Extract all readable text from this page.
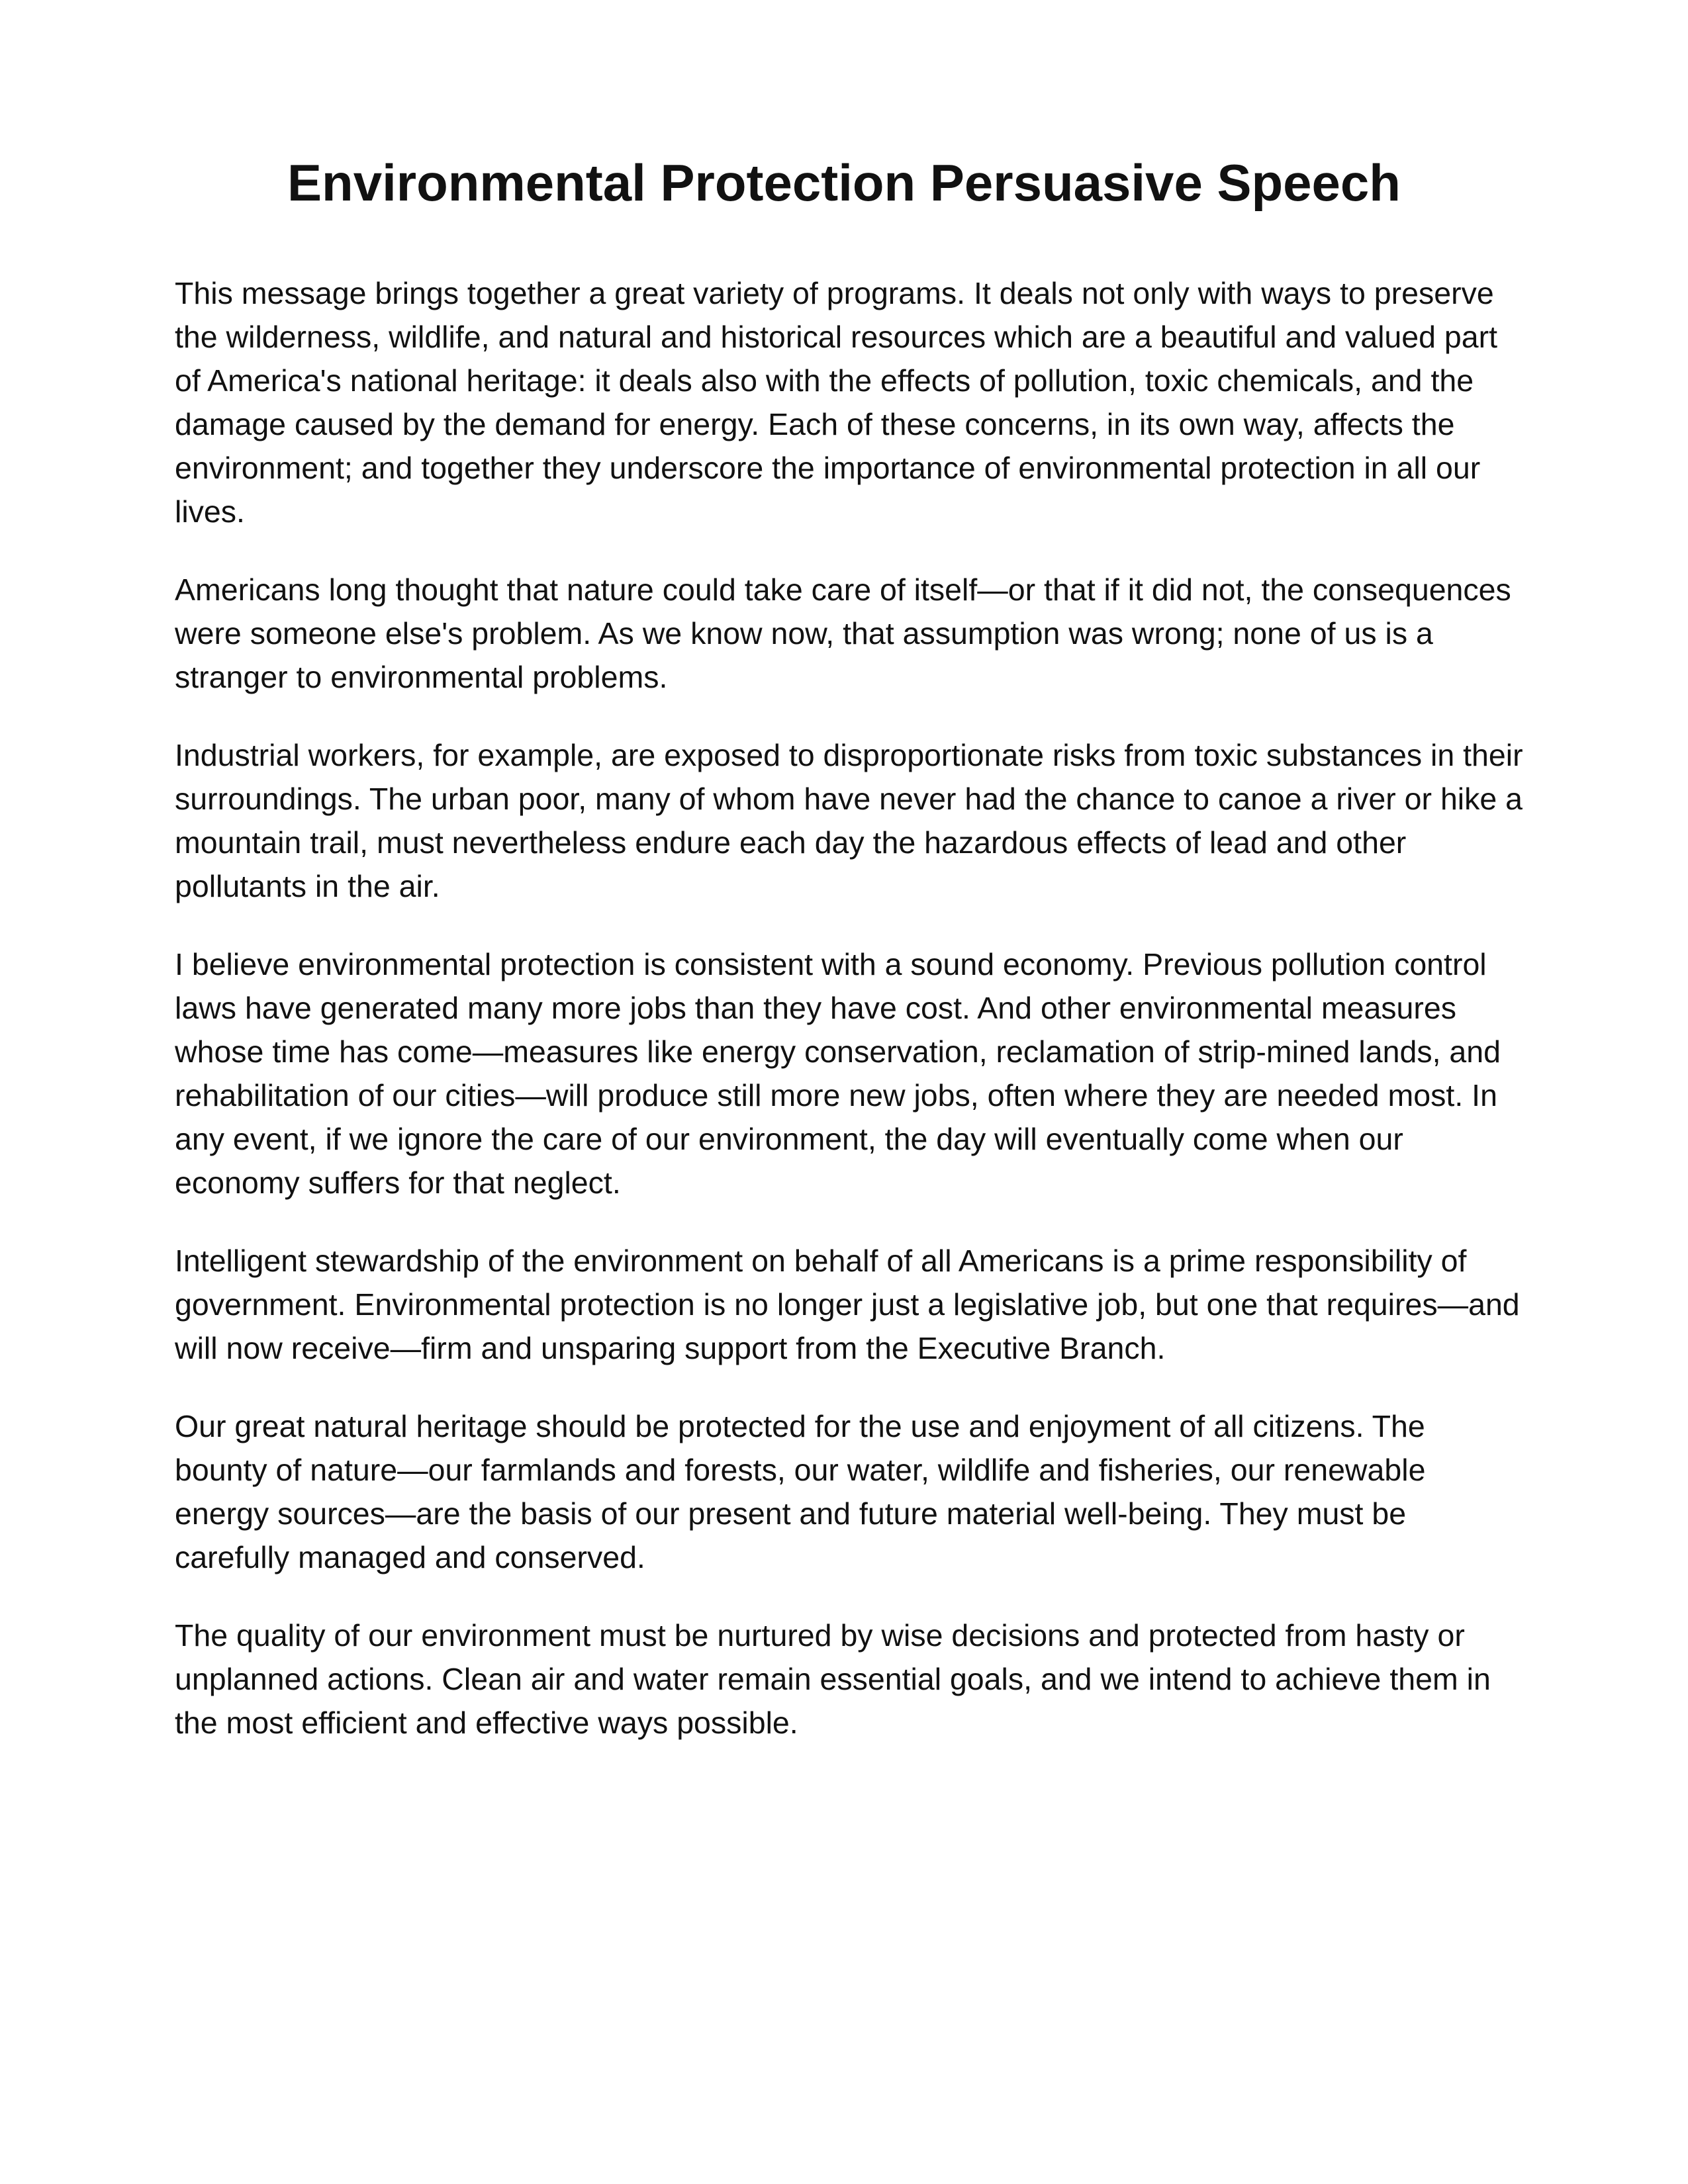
Environmental Protection Persuasive Speech

This message brings together a great variety of programs. It deals not only with ways to preserve the wilderness, wildlife, and natural and historical resources which are a beautiful and valued part of America's national heritage: it deals also with the effects of pollution, toxic chemicals, and the damage caused by the demand for energy. Each of these concerns, in its own way, affects the environment; and together they underscore the importance of environmental protection in all our lives.

Americans long thought that nature could take care of itself—or that if it did not, the consequences were someone else's problem. As we know now, that assumption was wrong; none of us is a stranger to environmental problems.

Industrial workers, for example, are exposed to disproportionate risks from toxic substances in their surroundings. The urban poor, many of whom have never had the chance to canoe a river or hike a mountain trail, must nevertheless endure each day the hazardous effects of lead and other pollutants in the air.

I believe environmental protection is consistent with a sound economy. Previous pollution control laws have generated many more jobs than they have cost. And other environmental measures whose time has come—measures like energy conservation, reclamation of strip-mined lands, and rehabilitation of our cities—will produce still more new jobs, often where they are needed most. In any event, if we ignore the care of our environment, the day will eventually come when our economy suffers for that neglect.

Intelligent stewardship of the environment on behalf of all Americans is a prime responsibility of government. Environmental protection is no longer just a legislative job, but one that requires—and will now receive—firm and unsparing support from the Executive Branch.

Our great natural heritage should be protected for the use and enjoyment of all citizens. The bounty of nature—our farmlands and forests, our water, wildlife and fisheries, our renewable energy sources—are the basis of our present and future material well-being. They must be carefully managed and conserved.

The quality of our environment must be nurtured by wise decisions and protected from hasty or unplanned actions. Clean air and water remain essential goals, and we intend to achieve them in the most efficient and effective ways possible.
